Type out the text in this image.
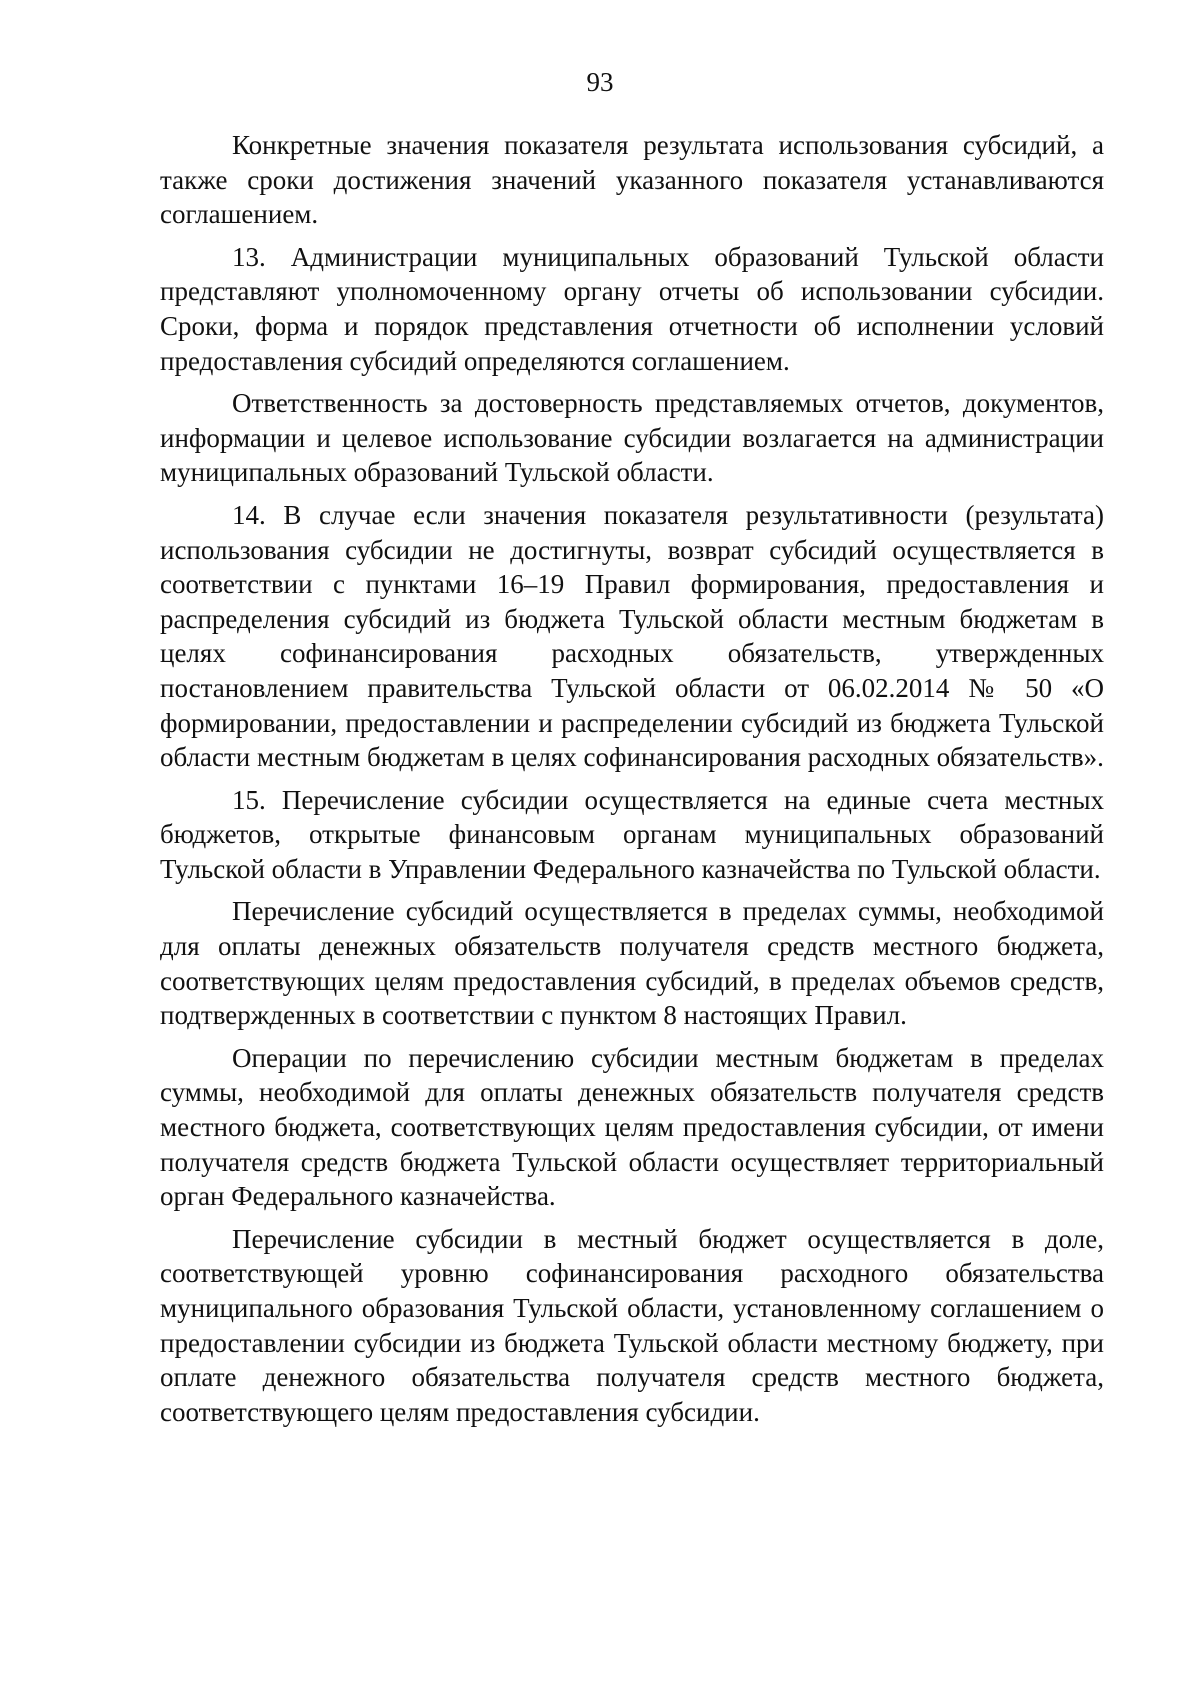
93

Конкретные значения показателя результата использования субсидий, а также сроки достижения значений указанного показателя устанавливаются соглашением.

13. Администрации муниципальных образований Тульской области представляют уполномоченному органу отчеты об использовании субсидии. Сроки, форма и порядок представления отчетности об исполнении условий предоставления субсидий определяются соглашением.

Ответственность за достоверность представляемых отчетов, документов, информации и целевое использование субсидии возлагается на администрации муниципальных образований Тульской области.

14. В случае если значения показателя результативности (результата) использования субсидии не достигнуты, возврат субсидий осуществляется в соответствии с пунктами 16–19 Правил формирования, предоставления и распределения субсидий из бюджета Тульской области местным бюджетам в целях софинансирования расходных обязательств, утвержденных постановлением правительства Тульской области от 06.02.2014 № 50 «О формировании, предоставлении и распределении субсидий из бюджета Тульской области местным бюджетам в целях софинансирования расходных обязательств».

15. Перечисление субсидии осуществляется на единые счета местных бюджетов, открытые финансовым органам муниципальных образований Тульской области в Управлении Федерального казначейства по Тульской области.

Перечисление субсидий осуществляется в пределах суммы, необходимой для оплаты денежных обязательств получателя средств местного бюджета, соответствующих целям предоставления субсидий, в пределах объемов средств, подтвержденных в соответствии с пунктом 8 настоящих Правил.

Операции по перечислению субсидии местным бюджетам в пределах суммы, необходимой для оплаты денежных обязательств получателя средств местного бюджета, соответствующих целям предоставления субсидии, от имени получателя средств бюджета Тульской области осуществляет территориальный орган Федерального казначейства.

Перечисление субсидии в местный бюджет осуществляется в доле, соответствующей уровню софинансирования расходного обязательства муниципального образования Тульской области, установленному соглашением о предоставлении субсидии из бюджета Тульской области местному бюджету, при оплате денежного обязательства получателя средств местного бюджета, соответствующего целям предоставления субсидии.
